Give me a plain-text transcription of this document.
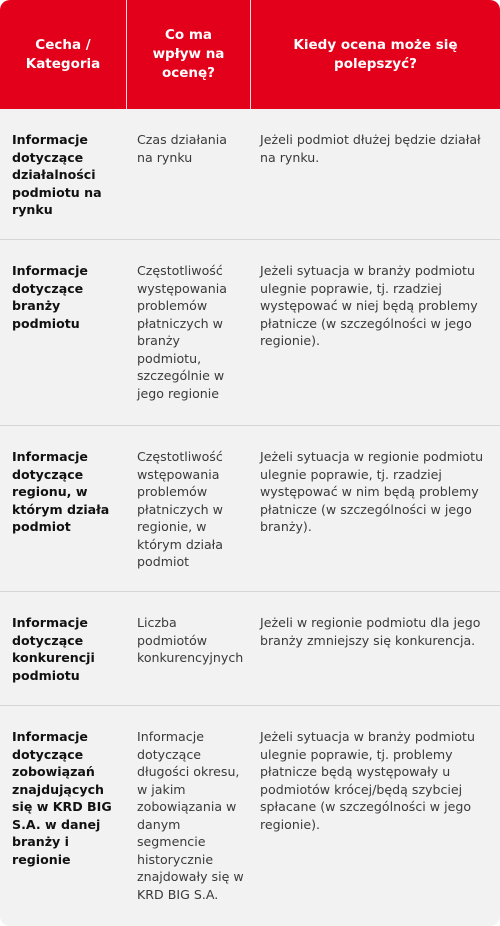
Cecha / Kategoria
Co ma wpływ na ocenę?
Kiedy ocena może się polepszyć?
Informacje dotyczące działalności podmiotu na rynku
Czas działania na rynku
Jeżeli podmiot dłużej będzie działał na rynku.
Informacje dotyczące branży podmiotu
Częstotliwość występowania problemów płatniczych w branży podmiotu, szczególnie w jego regionie
Jeżeli sytuacja w branży podmiotu ulegnie poprawie, tj. rzadziej występować w niej będą problemy płatnicze (w szczególności w jego regionie).
Informacje dotyczące regionu, w którym działa podmiot
Częstotliwość wstępowania problemów płatniczych w regionie, w którym działa podmiot
Jeżeli sytuacja w regionie podmiotu ulegnie poprawie, tj. rzadziej występować w nim będą problemy płatnicze (w szczególności w jego branży).
Informacje dotyczące konkurencji podmiotu
Liczba podmiotów konkurencyjnych
Jeżeli w regionie podmiotu dla jego branży zmniejszy się konkurencja.
Informacje dotyczące zobowiązań znajdujących się w KRD BIG S.A. w danej branży i regionie
Informacje dotyczące długości okresu, w jakim zobowiązania w danym segmencie historycznie znajdowały się w KRD BIG S.A.
Jeżeli sytuacja w branży podmiotu ulegnie poprawie, tj. problemy płatnicze będą występowały u podmiotów krócej/będą szybciej spłacane (w szczególności w jego regionie).
